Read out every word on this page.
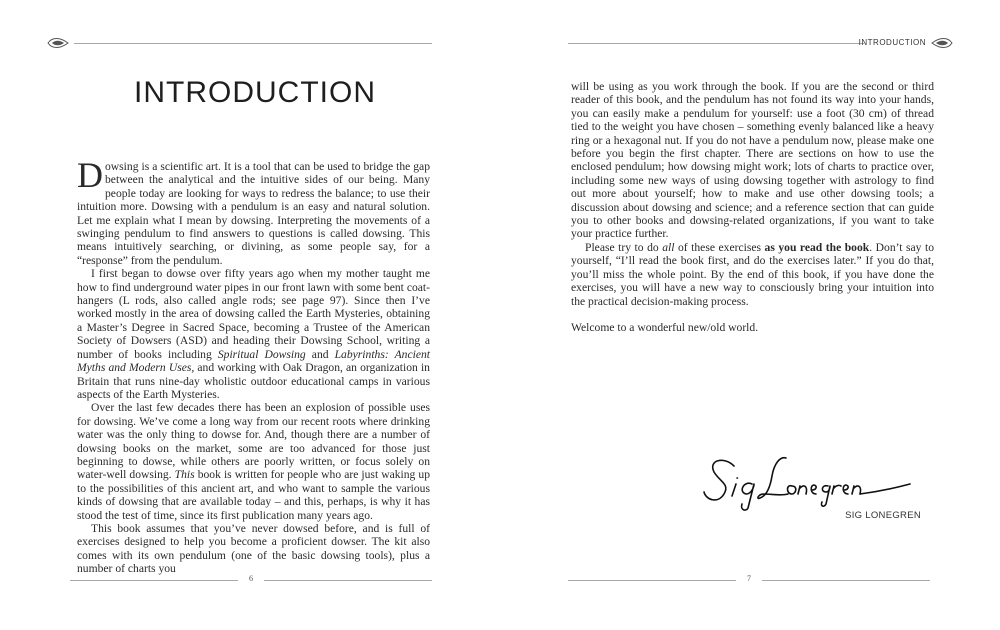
INTRODUCTION

Dowsing is a scientific art. It is a tool that can be used to bridge the gap between the analytical and the intuitive sides of our being. Many people today are looking for ways to redress the balance; to use their intuition more. Dowsing with a pendulum is an easy and natural solution. Let me explain what I mean by dowsing. Interpreting the movements of a swinging pendulum to find answers to questions is called dowsing. This means intuitively searching, or divining, as some people say, for a “response” from the pendulum.

I first began to dowse over fifty years ago when my mother taught me how to find underground water pipes in our front lawn with some bent coat-hangers (L rods, also called angle rods; see page 97). Since then I’ve worked mostly in the area of dowsing called the Earth Mysteries, obtaining a Master’s Degree in Sacred Space, becoming a Trustee of the American Society of Dowsers (ASD) and heading their Dowsing School, writing a number of books including Spiritual Dowsing and Labyrinths: Ancient Myths and Modern Uses, and working with Oak Dragon, an organization in Britain that runs nine-day wholistic outdoor educational camps in various aspects of the Earth Mysteries.

Over the last few decades there has been an explosion of possible uses for dowsing. We’ve come a long way from our recent roots where drinking water was the only thing to dowse for. And, though there are a number of dowsing books on the market, some are too advanced for those just beginning to dowse, while others are poorly written, or focus solely on water-well dowsing. This book is written for people who are just waking up to the possibilities of this ancient art, and who want to sample the various kinds of dowsing that are available today – and this, perhaps, is why it has stood the test of time, since its first publication many years ago.

This book assumes that you’ve never dowsed before, and is full of exercises designed to help you become a proficient dowser. The kit also comes with its own pendulum (one of the basic dowsing tools), plus a number of charts you

6
INTRODUCTION

will be using as you work through the book. If you are the second or third reader of this book, and the pendulum has not found its way into your hands, you can easily make a pendulum for yourself: use a foot (30 cm) of thread tied to the weight you have chosen – something evenly balanced like a heavy ring or a hexagonal nut. If you do not have a pendulum now, please make one before you begin the first chapter. There are sections on how to use the enclosed pendulum; how dowsing might work; lots of charts to practice over, including some new ways of using dowsing together with astrology to find out more about yourself; how to make and use other dowsing tools; a discussion about dowsing and science; and a reference section that can guide you to other books and dowsing-related organizations, if you want to take your practice further.

Please try to do all of these exercises as you read the book. Don’t say to yourself, “I’ll read the book first, and do the exercises later.” If you do that, you’ll miss the whole point. By the end of this book, if you have done the exercises, you will have a new way to consciously bring your intuition into the practical decision-making process.

Welcome to a wonderful new/old world.

SIG LONEGREN
7
